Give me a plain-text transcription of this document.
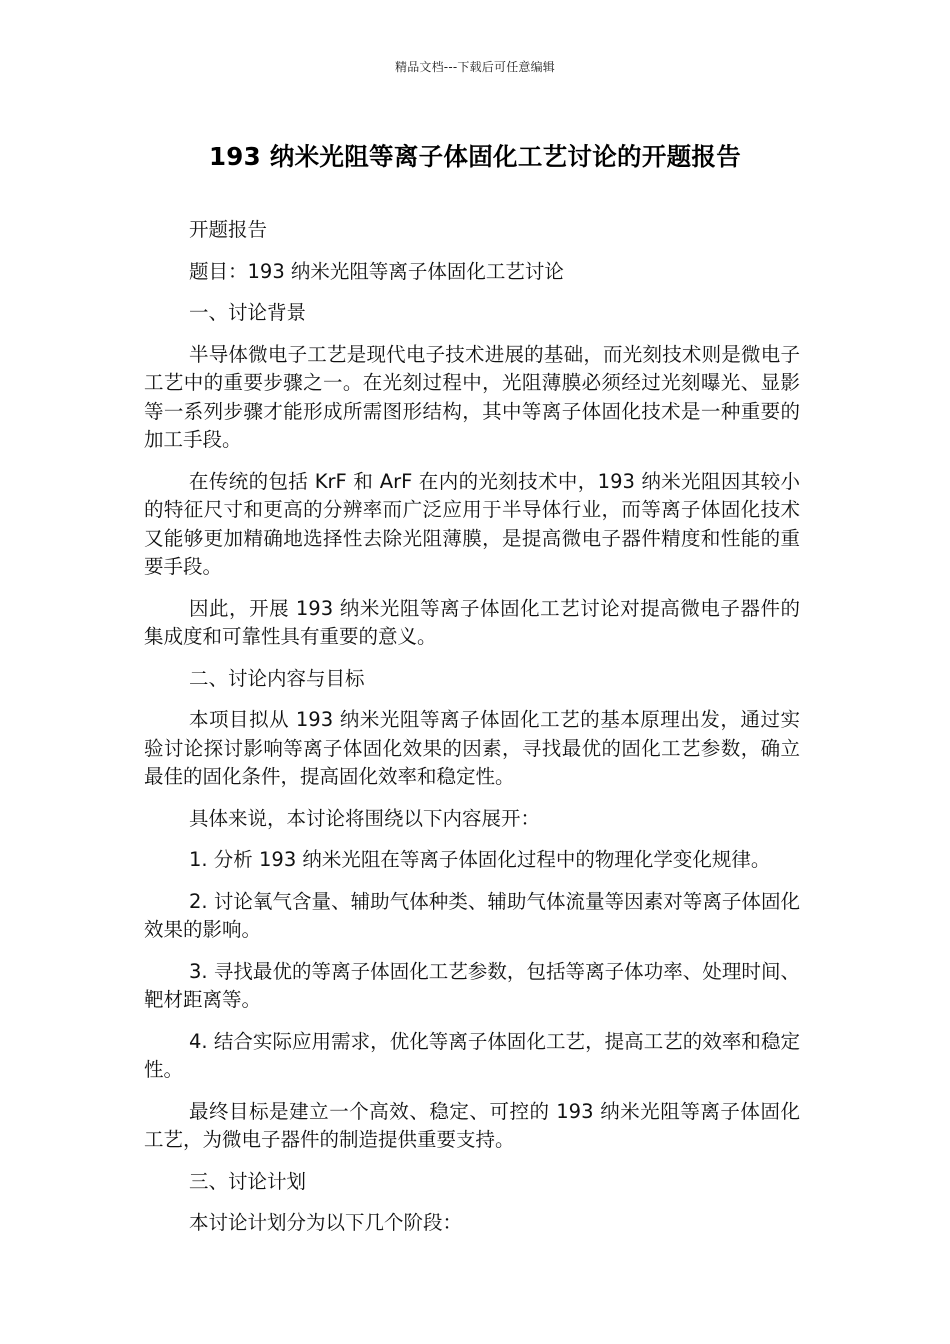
精品文档---下载后可任意编辑
193 纳米光阻等离子体固化工艺讨论的开题报告

开题报告

题目：193 纳米光阻等离子体固化工艺讨论

一、讨论背景

半导体微电子工艺是现代电子技术进展的基础，而光刻技术则是微电子工艺中的重要步骤之一。在光刻过程中，光阻薄膜必须经过光刻曝光、显影等一系列步骤才能形成所需图形结构，其中等离子体固化技术是一种重要的加工手段。

在传统的包括 KrF 和 ArF 在内的光刻技术中，193 纳米光阻因其较小的特征尺寸和更高的分辨率而广泛应用于半导体行业，而等离子体固化技术又能够更加精确地选择性去除光阻薄膜，是提高微电子器件精度和性能的重要手段。

因此，开展 193 纳米光阻等离子体固化工艺讨论对提高微电子器件的集成度和可靠性具有重要的意义。

二、讨论内容与目标

本项目拟从 193 纳米光阻等离子体固化工艺的基本原理出发，通过实验讨论探讨影响等离子体固化效果的因素，寻找最优的固化工艺参数，确立最佳的固化条件，提高固化效率和稳定性。

具体来说，本讨论将围绕以下内容展开：

1. 分析 193 纳米光阻在等离子体固化过程中的物理化学变化规律。

2. 讨论氧气含量、辅助气体种类、辅助气体流量等因素对等离子体固化效果的影响。

3. 寻找最优的等离子体固化工艺参数，包括等离子体功率、处理时间、靶材距离等。

4. 结合实际应用需求，优化等离子体固化工艺，提高工艺的效率和稳定性。

最终目标是建立一个高效、稳定、可控的 193 纳米光阻等离子体固化工艺，为微电子器件的制造提供重要支持。

三、讨论计划

本讨论计划分为以下几个阶段：
